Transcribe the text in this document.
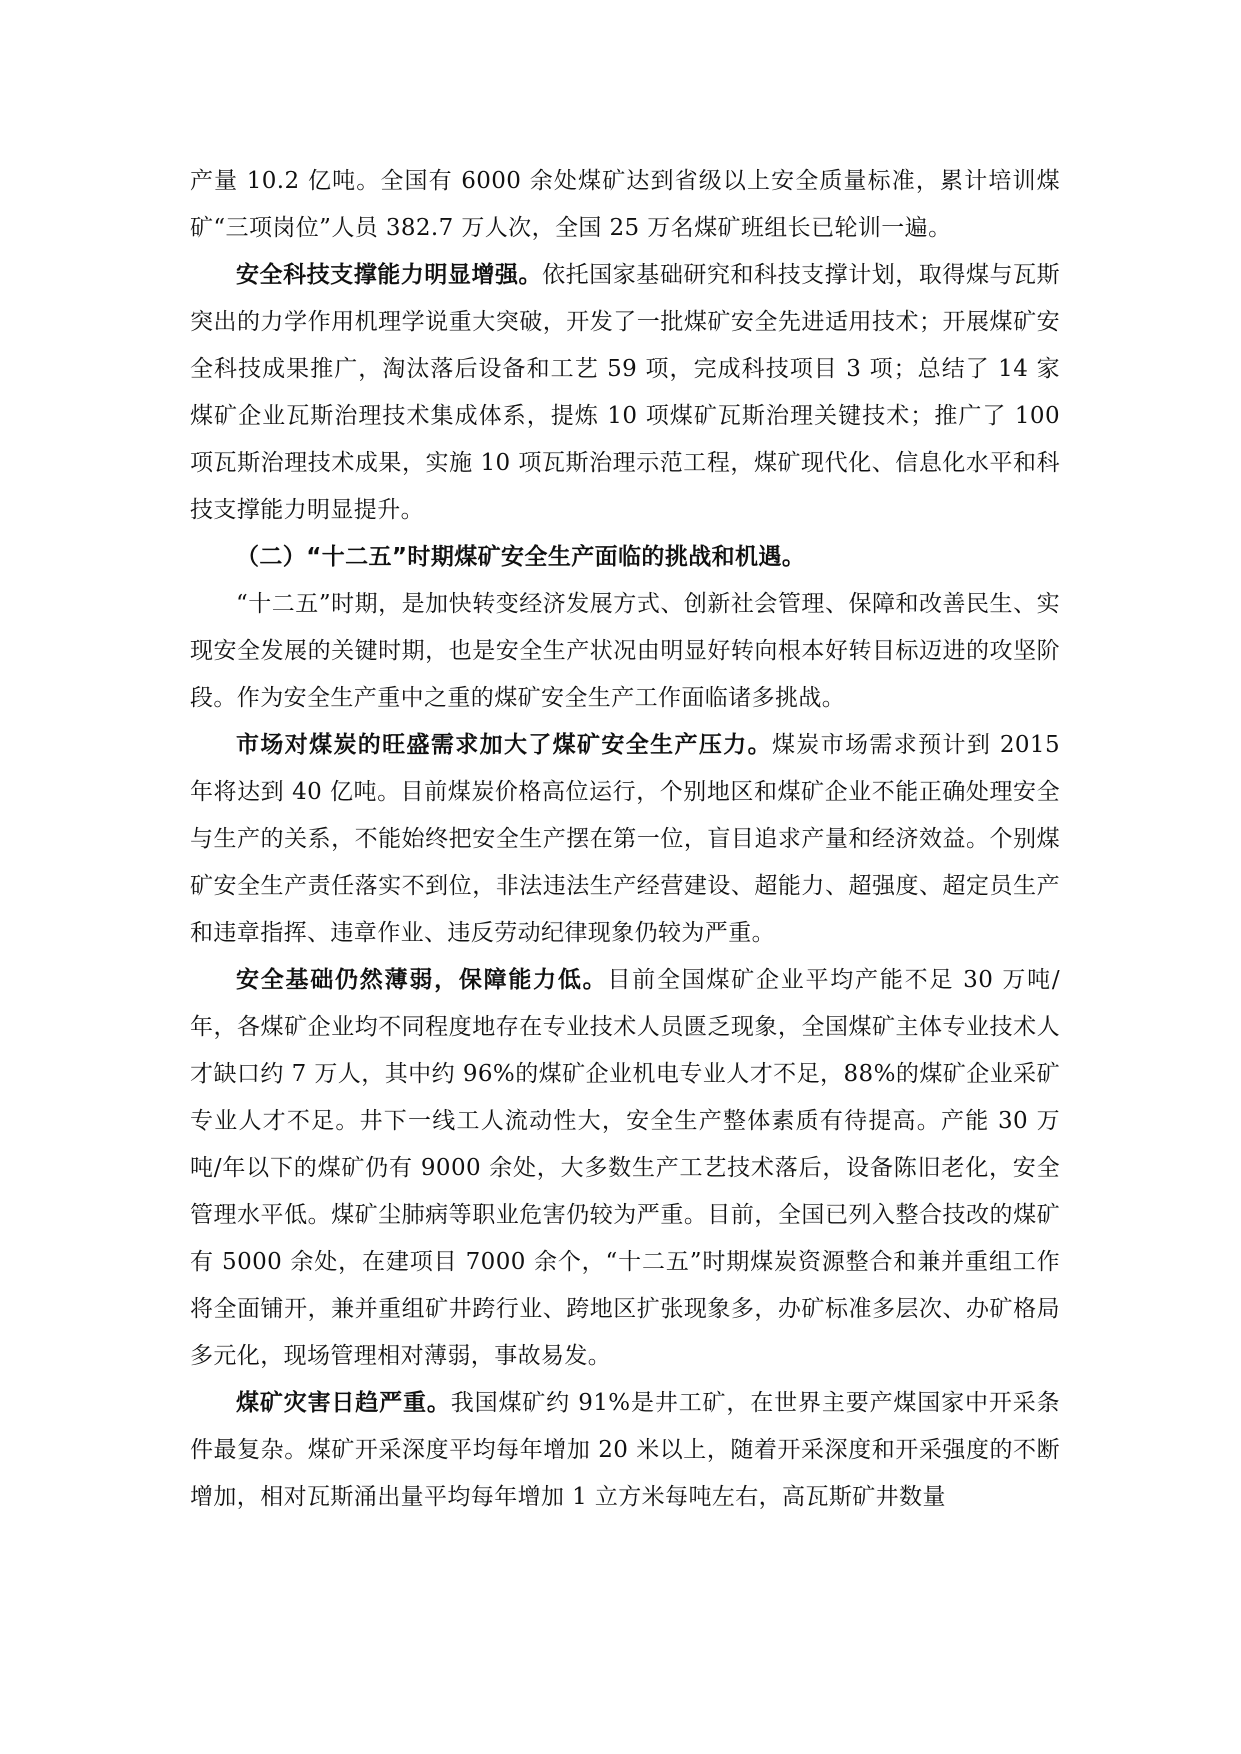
产量 10.2 亿吨。全国有 6000 余处煤矿达到省级以上安全质量标准，累计培训煤矿“三项岗位”人员 382.7 万人次，全国 25 万名煤矿班组长已轮训一遍。

安全科技支撑能力明显增强。依托国家基础研究和科技支撑计划，取得煤与瓦斯突出的力学作用机理学说重大突破，开发了一批煤矿安全先进适用技术；开展煤矿安全科技成果推广，淘汰落后设备和工艺 59 项，完成科技项目 3 项；总结了 14 家煤矿企业瓦斯治理技术集成体系，提炼 10 项煤矿瓦斯治理关键技术；推广了 100 项瓦斯治理技术成果，实施 10 项瓦斯治理示范工程，煤矿现代化、信息化水平和科技支撑能力明显提升。

（二）“十二五”时期煤矿安全生产面临的挑战和机遇。

“十二五”时期，是加快转变经济发展方式、创新社会管理、保障和改善民生、实现安全发展的关键时期，也是安全生产状况由明显好转向根本好转目标迈进的攻坚阶段。作为安全生产重中之重的煤矿安全生产工作面临诸多挑战。

市场对煤炭的旺盛需求加大了煤矿安全生产压力。煤炭市场需求预计到 2015 年将达到 40 亿吨。目前煤炭价格高位运行，个别地区和煤矿企业不能正确处理安全与生产的关系，不能始终把安全生产摆在第一位，盲目追求产量和经济效益。个别煤矿安全生产责任落实不到位，非法违法生产经营建设、超能力、超强度、超定员生产和违章指挥、违章作业、违反劳动纪律现象仍较为严重。

安全基础仍然薄弱，保障能力低。目前全国煤矿企业平均产能不足 30 万吨/年，各煤矿企业均不同程度地存在专业技术人员匮乏现象，全国煤矿主体专业技术人才缺口约 7 万人，其中约 96%的煤矿企业机电专业人才不足，88%的煤矿企业采矿专业人才不足。井下一线工人流动性大，安全生产整体素质有待提高。产能 30 万吨/年以下的煤矿仍有 9000 余处，大多数生产工艺技术落后，设备陈旧老化，安全管理水平低。煤矿尘肺病等职业危害仍较为严重。目前，全国已列入整合技改的煤矿有 5000 余处，在建项目 7000 余个，“十二五”时期煤炭资源整合和兼并重组工作将全面铺开，兼并重组矿井跨行业、跨地区扩张现象多，办矿标准多层次、办矿格局多元化，现场管理相对薄弱，事故易发。

煤矿灾害日趋严重。我国煤矿约 91%是井工矿，在世界主要产煤国家中开采条件最复杂。煤矿开采深度平均每年增加 20 米以上，随着开采深度和开采强度的不断增加，相对瓦斯涌出量平均每年增加 1 立方米每吨左右，高瓦斯矿井数量
